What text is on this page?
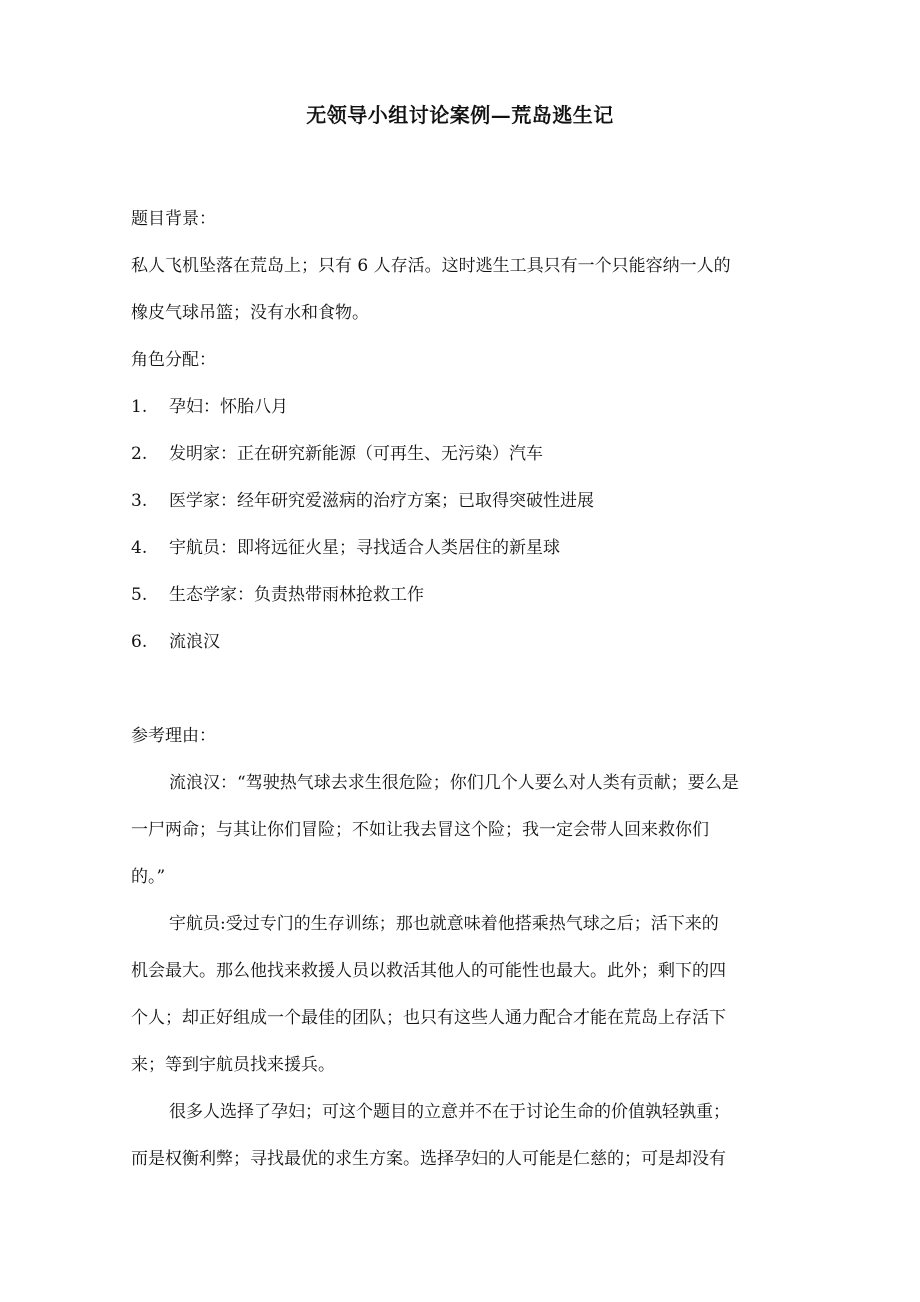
无领导小组讨论案例—荒岛逃生记
题目背景：
私人飞机坠落在荒岛上；只有 6 人存活。这时逃生工具只有一个只能容纳一人的
橡皮气球吊篮；没有水和食物。
角色分配：
1.	孕妇：怀胎八月
2.	发明家：正在研究新能源（可再生、无污染）汽车
3.	医学家：经年研究爱滋病的治疗方案；已取得突破性进展
4.	宇航员：即将远征火星；寻找适合人类居住的新星球
5.	生态学家：负责热带雨林抢救工作
6.	流浪汉
参考理由：
流浪汉：“驾驶热气球去求生很危险；你们几个人要么对人类有贡献；要么是
一尸两命；与其让你们冒险；不如让我去冒这个险；我一定会带人回来救你们
的。”
宇航员:受过专门的生存训练；那也就意味着他搭乘热气球之后；活下来的
机会最大。那么他找来救援人员以救活其他人的可能性也最大。此外；剩下的四
个人；却正好组成一个最佳的团队；也只有这些人通力配合才能在荒岛上存活下
来；等到宇航员找来援兵。
很多人选择了孕妇；可这个题目的立意并不在于讨论生命的价值孰轻孰重；
而是权衡利弊；寻找最优的求生方案。选择孕妇的人可能是仁慈的；可是却没有
